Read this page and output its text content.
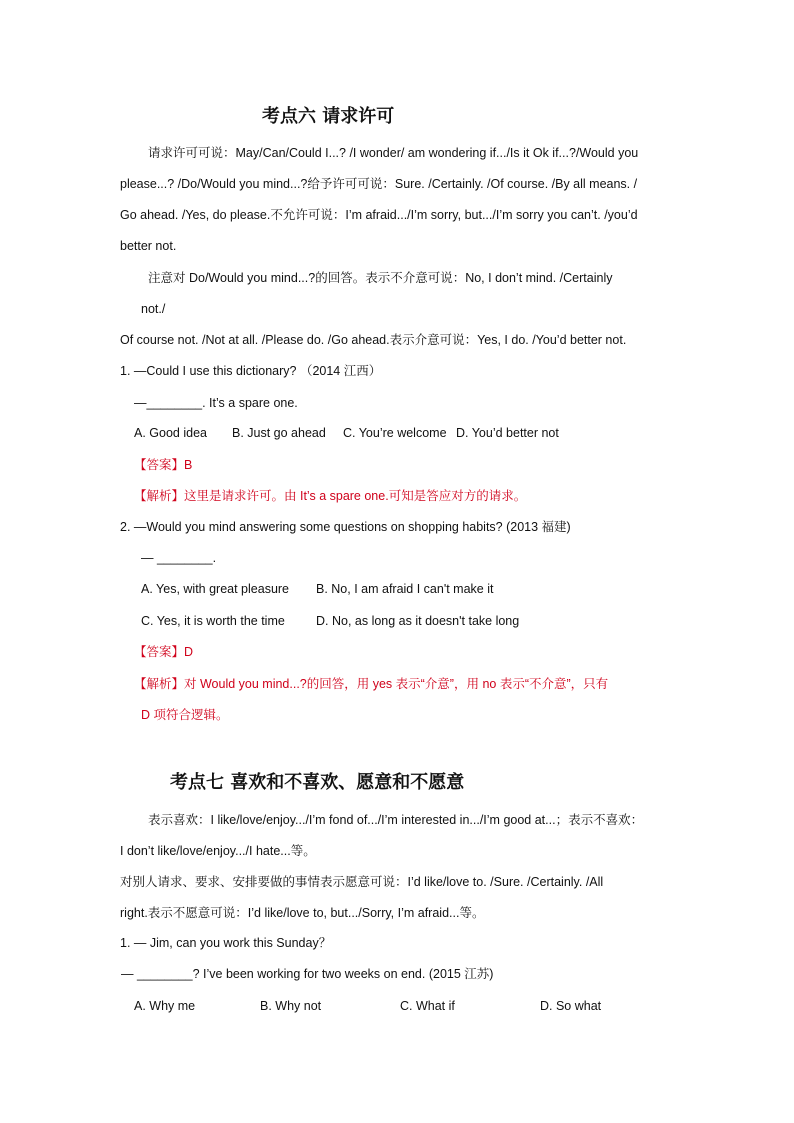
考点六 请求许可
请求许可可说：May/Can/Could I...? /I wonder/ am wondering if.../Is it Ok if...?/Would you
please...? /Do/Would you mind...?给予许可可说：Sure. /Certainly. /Of course. /By all means. /
Go ahead. /Yes, do please.不允许可说：I’m afraid.../I’m sorry, but.../I’m sorry you can’t. /you’d
better not.
注意对 Do/Would you mind...?的回答。表示不介意可说：No, I don’t mind. /Certainly
not./
Of course not. /Not at all. /Please do. /Go ahead.表示介意可说：Yes, I do. /You’d better not.
1. —Could I use this dictionary? （2014 江西）
—________. It’s a spare one.
A. Good idea B. Just go ahead C. You’re welcome D. You’d better not
【答案】B
【解析】这里是请求许可。由 It’s a spare one.可知是答应对方的请求。
2. —Would you mind answering some questions on shopping habits? (2013 福建)
— ________.
A. Yes, with great pleasure B. No, I am afraid I can't make it
C. Yes, it is worth the time D. No, as long as it doesn't take long
【答案】D
【解析】对 Would you mind...?的回答，用 yes 表示“介意”，用 no 表示“不介意”，只有
D 项符合逻辑。
考点七 喜欢和不喜欢、愿意和不愿意
表示喜欢：I like/love/enjoy.../I’m fond of.../I’m interested in.../I’m good at...；表示不喜欢：
I don’t like/love/enjoy.../I hate...等。
对别人请求、要求、安排要做的事情表示愿意可说：I’d like/love to. /Sure. /Certainly. /All
right.表示不愿意可说：I’d like/love to, but.../Sorry, I’m afraid...等。
1. — Jim, can you work this Sunday？
— ________? I’ve been working for two weeks on end. (2015 江苏)
A. Why me	B. Why not	C. What if	D. So what
